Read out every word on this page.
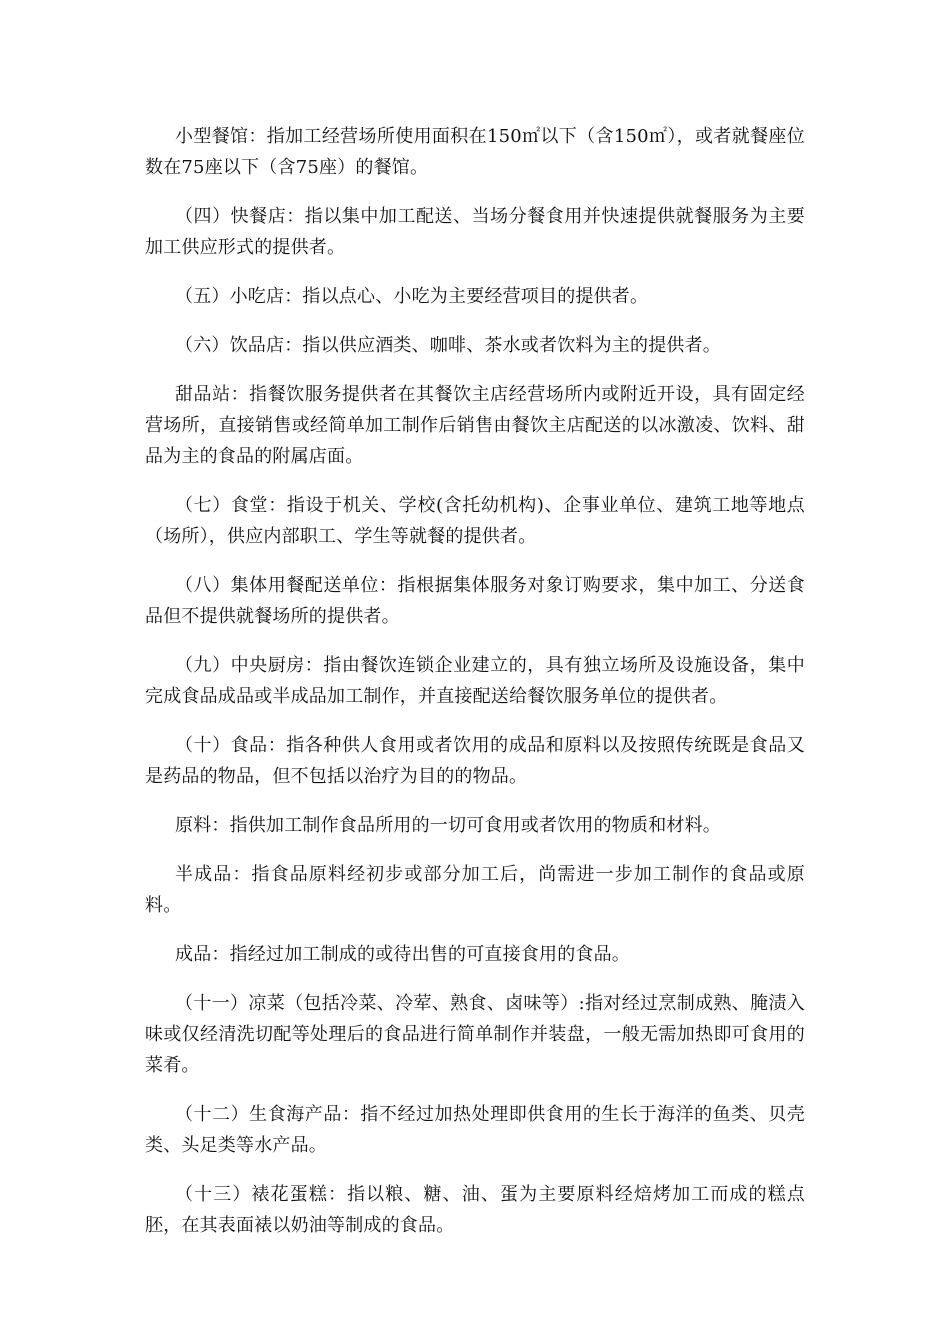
小型餐馆：指加工经营场所使用面积在150㎡以下（含150㎡），或者就餐座位数在75座以下（含75座）的餐馆。

（四）快餐店：指以集中加工配送、当场分餐食用并快速提供就餐服务为主要加工供应形式的提供者。

（五）小吃店：指以点心、小吃为主要经营项目的提供者。

（六）饮品店：指以供应酒类、咖啡、茶水或者饮料为主的提供者。

甜品站：指餐饮服务提供者在其餐饮主店经营场所内或附近开设，具有固定经营场所，直接销售或经简单加工制作后销售由餐饮主店配送的以冰激凌、饮料、甜品为主的食品的附属店面。

（七）食堂：指设于机关、学校(含托幼机构)、企事业单位、建筑工地等地点（场所），供应内部职工、学生等就餐的提供者。

（八）集体用餐配送单位：指根据集体服务对象订购要求，集中加工、分送食品但不提供就餐场所的提供者。

（九）中央厨房：指由餐饮连锁企业建立的，具有独立场所及设施设备，集中完成食品成品或半成品加工制作，并直接配送给餐饮服务单位的提供者。

（十）食品：指各种供人食用或者饮用的成品和原料以及按照传统既是食品又是药品的物品，但不包括以治疗为目的的物品。

原料：指供加工制作食品所用的一切可食用或者饮用的物质和材料。

半成品：指食品原料经初步或部分加工后，尚需进一步加工制作的食品或原料。

成品：指经过加工制成的或待出售的可直接食用的食品。

（十一）凉菜（包括冷菜、冷荤、熟食、卤味等）:指对经过烹制成熟、腌渍入味或仅经清洗切配等处理后的食品进行简单制作并装盘，一般无需加热即可食用的菜肴。

（十二）生食海产品：指不经过加热处理即供食用的生长于海洋的鱼类、贝壳类、头足类等水产品。

（十三）裱花蛋糕：指以粮、糖、油、蛋为主要原料经焙烤加工而成的糕点胚，在其表面裱以奶油等制成的食品。
